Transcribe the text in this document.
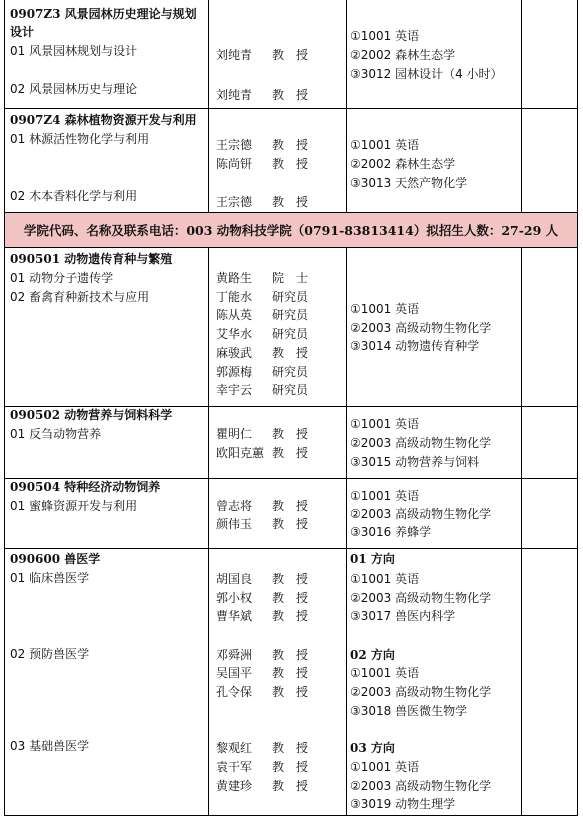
0907Z3 风景园林历史理论与规划
设计
01 风景园林规划与设计
02 风景园林历史与理论
刘纯青 教　授
刘纯青 教　授
①1001 英语
②2002 森林生态学
③3012 园林设计（4 小时）
0907Z4 森林植物资源开发与利用
01 林源活性物化学与利用
02 木本香料化学与利用
王宗德 教　授
陈尚钘 教　授
王宗德 教　授
①1001 英语
②2002 森林生态学
③3013 天然产物化学
学院代码、名称及联系电话：003 动物科技学院（0791-83813414）拟招生人数：27-29 人
090501 动物遗传育种与繁殖
01 动物分子遗传学
02 畜禽育种新技术与应用
黄路生 院　士
丁能水 研究员
陈从英 研究员
艾华水 研究员
麻骏武 教　授
郭源梅 研究员
幸宇云 研究员
①1001 英语
②2003 高级动物生物化学
③3014 动物遗传育种学
090502 动物营养与饲料科学
01 反刍动物营养	瞿明仁 教　授
欧阳克蕙 教　授
①1001 英语
②2003 高级动物生物化学
③3015 动物营养与饲料
090504 特种经济动物饲养
01 蜜蜂资源开发与利用	曾志将 教　授
颜伟玉 教　授
①1001 英语
②2003 高级动物生物化学
③3016 养蜂学
090600 兽医学
01 临床兽医学
02 预防兽医学
03 基础兽医学
胡国良 教　授
郭小权 教　授
曹华斌 教　授
邓舜洲 教　授
吴国平 教　授
孔令保 教　授
黎观红 教　授
袁干军 教　授
黄建珍 教　授
01 方向
①1001 英语
②2003 高级动物生物化学
③3017 兽医内科学
02 方向
①1001 英语
②2003 高级动物生物化学
③3018 兽医微生物学
03 方向
①1001 英语
②2003 高级动物生物化学
③3019 动物生理学
